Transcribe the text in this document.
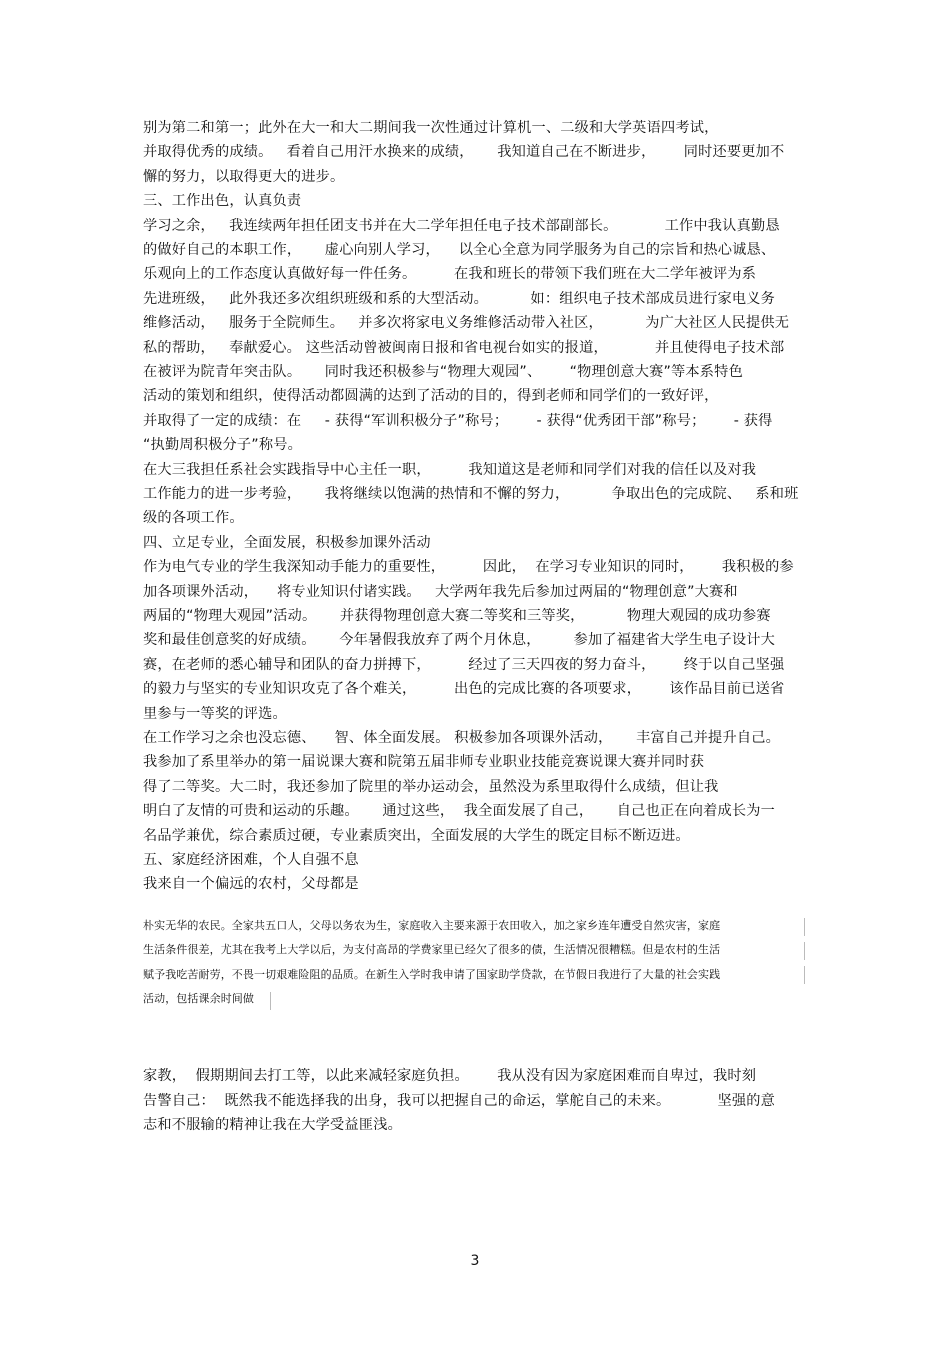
别为第二和第一；此外在大一和大二期间我一次性通过计算机一、二级和大学英语四考试，
并取得优秀的成绩。   看着自己用汗水换来的成绩，     我知道自己在不断进步，      同时还要更加不
懈的努力，以取得更大的进步。
三、工作出色，认真负责
学习之余，   我连续两年担任团支书并在大二学年担任电子技术部副部长。          工作中我认真勤恳
的做好自己的本职工作，     虚心向别人学习，    以全心全意为同学服务为自己的宗旨和热心诚恳、
乐观向上的工作态度认真做好每一件任务。        在我和班长的带领下我们班在大二学年被评为系
先进班级，   此外我还多次组织班级和系的大型活动。         如：组织电子技术部成员进行家电义务
维修活动，   服务于全院师生。   并多次将家电义务维修活动带入社区，         为广大社区人民提供无
私的帮助，   奉献爱心。 这些活动曾被闽南日报和省电视台如实的报道，          并且使得电子技术部
在被评为院青年突击队。     同时我还积极参与“物理大观园”、      “物理创意大赛”等本系特色
活动的策划和组织，使得活动都圆满的达到了活动的目的，得到老师和同学们的一致好评，
并取得了一定的成绩：在     - 获得“军训积极分子”称号；      - 获得“优秀团干部”称号；      - 获得
“执勤周积极分子”称号。
在大三我担任系社会实践指导中心主任一职，        我知道这是老师和同学们对我的信任以及对我
工作能力的进一步考验，     我将继续以饱满的热情和不懈的努力，         争取出色的完成院、   系和班
级的各项工作。
四、立足专业，全面发展，积极参加课外活动
作为电气专业的学生我深知动手能力的重要性，        因此，  在学习专业知识的同时，      我积极的参
加各项课外活动，    将专业知识付诸实践。   大学两年我先后参加过两届的“物理创意”大赛和
两届的“物理大观园”活动。     并获得物理创意大赛二等奖和三等奖，         物理大观园的成功参赛
奖和最佳创意奖的好成绩。     今年暑假我放弃了两个月休息，       参加了福建省大学生电子设计大
赛，在老师的悉心辅导和团队的奋力拼搏下，        经过了三天四夜的努力奋斗，      终于以自己坚强
的毅力与坚实的专业知识攻克了各个难关，        出色的完成比赛的各项要求，      该作品目前已送省
里参与一等奖的评选。
在工作学习之余也没忘德、    智、体全面发展。 积极参加各项课外活动，     丰富自己并提升自己。
我参加了系里举办的第一届说课大赛和院第五届非师专业职业技能竞赛说课大赛并同时获
得了二等奖。大二时，我还参加了院里的举办运动会，虽然没为系里取得什么成绩，但让我
明白了友情的可贵和运动的乐趣。     通过这些，  我全面发展了自己，     自己也正在向着成长为一
名品学兼优，综合素质过硬，专业素质突出，全面发展的大学生的既定目标不断迈进。
五、家庭经济困难，个人自强不息
我来自一个偏远的农村，父母都是
朴实无华的农民。全家共五口人，父母以务农为生，家庭收入主要来源于农田收入，加之家乡连年遭受自然灾害，家庭
生活条件很差，尤其在我考上大学以后，为支付高昂的学费家里已经欠了很多的债，生活情况很糟糕。但是农村的生活
赋予我吃苦耐劳，不畏一切艰难险阻的品质。在新生入学时我申请了国家助学贷款，在节假日我进行了大量的社会实践
活动，包括课余时间做
家教，  假期期间去打工等，以此来减轻家庭负担。      我从没有因为家庭困难而自卑过，我时刻
告警自己：  既然我不能选择我的出身，我可以把握自己的命运，掌舵自己的未来。          坚强的意
志和不服输的精神让我在大学受益匪浅。
3
